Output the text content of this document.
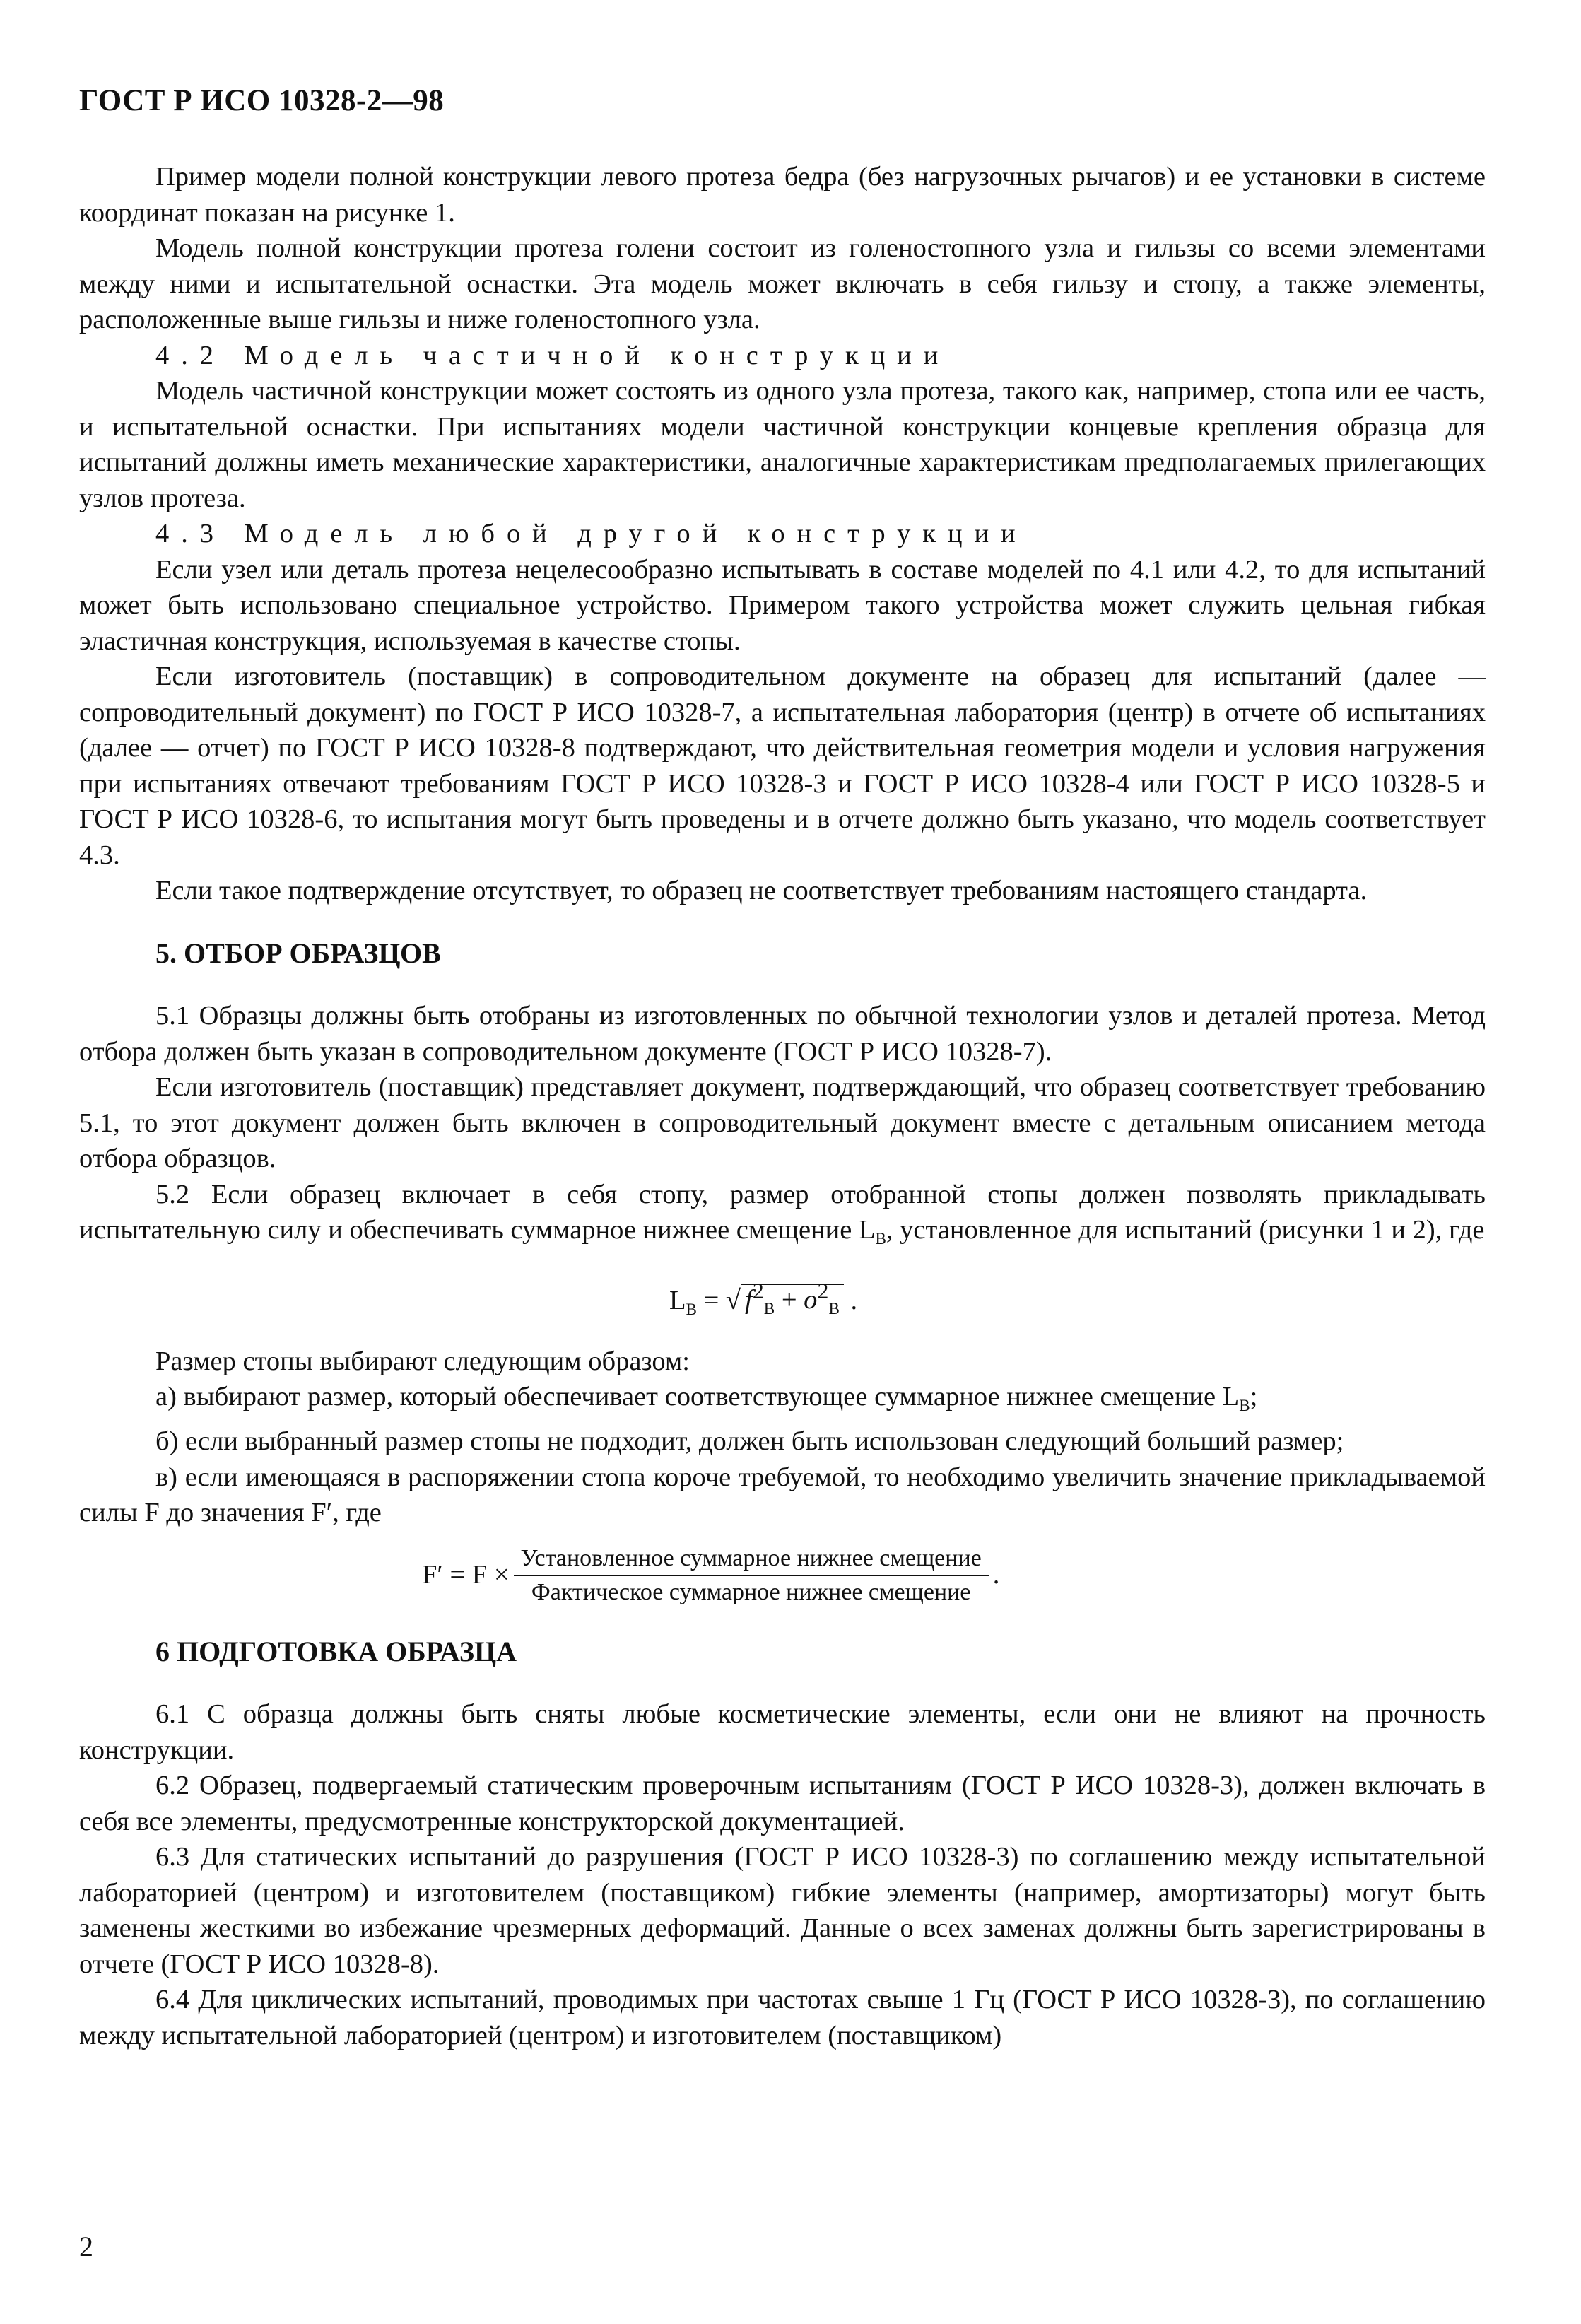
ГОСТ Р ИСО 10328-2—98

Пример модели полной конструкции левого протеза бедра (без нагрузочных рычагов) и ее установки в системе координат показан на рисунке 1.

Модель полной конструкции протеза голени состоит из голеностопного узла и гильзы со всеми элементами между ними и испытательной оснастки. Эта модель может включать в себя гильзу и стопу, а также элементы, расположенные выше гильзы и ниже голеностопного узла.

4.2 Модель частичной конструкции

Модель частичной конструкции может состоять из одного узла протеза, такого как, например, стопа или ее часть, и испытательной оснастки. При испытаниях модели частичной конструкции концевые крепления образца для испытаний должны иметь механические характеристики, аналогичные характеристикам предполагаемых прилегающих узлов протеза.

4.3 Модель любой другой конструкции

Если узел или деталь протеза нецелесообразно испытывать в составе моделей по 4.1 или 4.2, то для испытаний может быть использовано специальное устройство. Примером такого устройства может служить цельная гибкая эластичная конструкция, используемая в качестве стопы.

Если изготовитель (поставщик) в сопроводительном документе на образец для испытаний (далее — сопроводительный документ) по ГОСТ Р ИСО 10328-7, а испытательная лаборатория (центр) в отчете об испытаниях (далее — отчет) по ГОСТ Р ИСО 10328-8 подтверждают, что действительная геометрия модели и условия нагружения при испытаниях отвечают требованиям ГОСТ Р ИСО 10328-3 и ГОСТ Р ИСО 10328-4 или ГОСТ Р ИСО 10328-5 и ГОСТ Р ИСО 10328-6, то испытания могут быть проведены и в отчете должно быть указано, что модель соответствует 4.3.

Если такое подтверждение отсутствует, то образец не соответствует требованиям настоящего стандарта.

5. ОТБОР ОБРАЗЦОВ

5.1 Образцы должны быть отобраны из изготовленных по обычной технологии узлов и деталей протеза. Метод отбора должен быть указан в сопроводительном документе (ГОСТ Р ИСО 10328-7).

Если изготовитель (поставщик) представляет документ, подтверждающий, что образец соответствует требованию 5.1, то этот документ должен быть включен в сопроводительный документ вместе с детальным описанием метода отбора образцов.

5.2 Если образец включает в себя стопу, размер отобранной стопы должен позволять прикладывать испытательную силу и обеспечивать суммарное нижнее смещение $L_B$, установленное для испытаний (рисунки 1 и 2), где

$L_B$ = √ $f^2_B + o^2_B$ .

Размер стопы выбирают следующим образом:

а) выбирают размер, который обеспечивает соответствующее суммарное нижнее смещение $L_B$;

б) если выбранный размер стопы не подходит, должен быть использован следующий больший размер;

в) если имеющаяся в распоряжении стопа короче требуемой, то необходимо увеличить значение прикладываемой силы F до значения F′, где

$F' = F \times \frac{\text{Установленное суммарное нижнее смещение}}{\text{Фактическое суммарное нижнее смещение}}$ .

6 ПОДГОТОВКА ОБРАЗЦА

6.1 С образца должны быть сняты любые косметические элементы, если они не влияют на прочность конструкции.

6.2 Образец, подвергаемый статическим проверочным испытаниям (ГОСТ Р ИСО 10328-3), должен включать в себя все элементы, предусмотренные конструкторской документацией.

6.3 Для статических испытаний до разрушения (ГОСТ Р ИСО 10328-3) по соглашению между испытательной лабораторией (центром) и изготовителем (поставщиком) гибкие элементы (например, амортизаторы) могут быть заменены жесткими во избежание чрезмерных деформаций. Данные о всех заменах должны быть зарегистрированы в отчете (ГОСТ Р ИСО 10328-8).

6.4 Для циклических испытаний, проводимых при частотах свыше 1 Гц (ГОСТ Р ИСО 10328-3), по соглашению между испытательной лабораторией (центром) и изготовителем (поставщиком)

2
